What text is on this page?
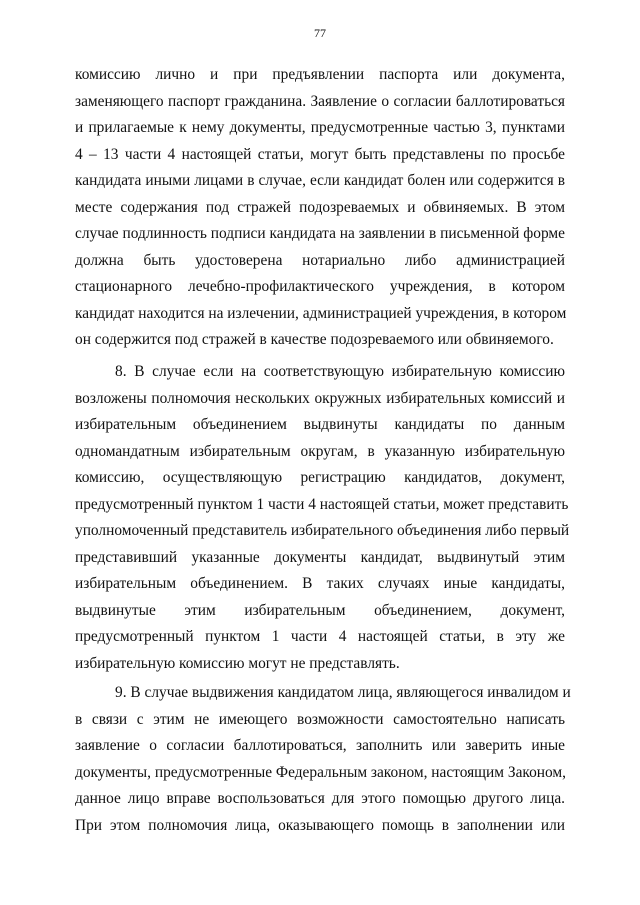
77
комиссию лично и при предъявлении паспорта или документа,
заменяющего паспорт гражданина. Заявление о согласии баллотироваться
и прилагаемые к нему документы, предусмотренные частью 3, пунктами
4 – 13 части 4 настоящей статьи, могут быть представлены по просьбе
кандидата иными лицами в случае, если кандидат болен или содержится в
месте содержания под стражей подозреваемых и обвиняемых. В этом
случае подлинность подписи кандидата на заявлении в письменной форме
должна быть удостоверена нотариально либо администрацией
стационарного лечебно-профилактического учреждения, в котором
кандидат находится на излечении, администрацией учреждения, в котором
он содержится под стражей в качестве подозреваемого или обвиняемого.
8. В случае если на соответствующую избирательную комиссию
возложены полномочия нескольких окружных избирательных комиссий и
избирательным объединением выдвинуты кандидаты по данным
одномандатным избирательным округам, в указанную избирательную
комиссию, осуществляющую регистрацию кандидатов, документ,
предусмотренный пунктом 1 части 4 настоящей статьи, может представить
уполномоченный представитель избирательного объединения либо первый
представивший указанные документы кандидат, выдвинутый этим
избирательным объединением. В таких случаях иные кандидаты,
выдвинутые этим избирательным объединением, документ,
предусмотренный пунктом 1 части 4 настоящей статьи, в эту же
избирательную комиссию могут не представлять.
9. В случае выдвижения кандидатом лица, являющегося инвалидом и
в связи с этим не имеющего возможности самостоятельно написать
заявление о согласии баллотироваться, заполнить или заверить иные
документы, предусмотренные Федеральным законом, настоящим Законом,
данное лицо вправе воспользоваться для этого помощью другого лица.
При этом полномочия лица, оказывающего помощь в заполнении или
